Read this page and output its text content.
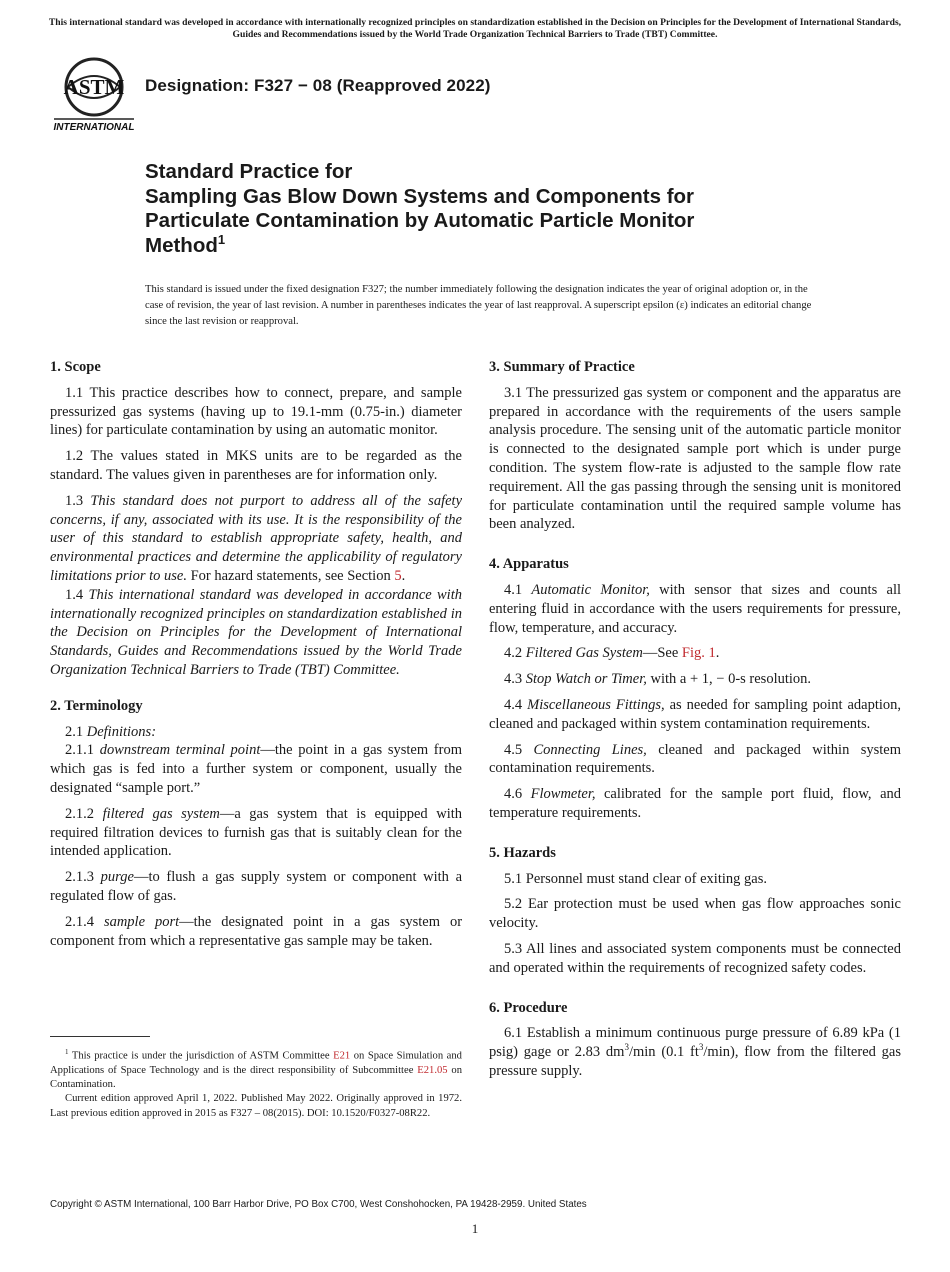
This international standard was developed in accordance with internationally recognized principles on standardization established in the Decision on Principles for the Development of International Standards, Guides and Recommendations issued by the World Trade Organization Technical Barriers to Trade (TBT) Committee.
ASTM
INTERNATIONAL
Designation: F327 − 08 (Reapproved 2022)
Standard Practice for
Sampling Gas Blow Down Systems and Components for
Particulate Contamination by Automatic Particle Monitor
Method$^1$
This standard is issued under the fixed designation F327; the number immediately following the designation indicates the year of original adoption or, in the case of revision, the year of last revision. A number in parentheses indicates the year of last reapproval. A superscript epsilon (ε) indicates an editorial change since the last revision or reapproval.
1. Scope

1.1 This practice describes how to connect, prepare, and sample pressurized gas systems (having up to 19.1-mm (0.75-in.) diameter lines) for particulate contamination by using an automatic monitor.

1.2 The values stated in MKS units are to be regarded as the standard. The values given in parentheses are for information only.

1.3 This standard does not purport to address all of the safety concerns, if any, associated with its use. It is the responsibility of the user of this standard to establish appropriate safety, health, and environmental practices and determine the applicability of regulatory limitations prior to use. For hazard statements, see Section 5.

1.4 This international standard was developed in accordance with internationally recognized principles on standardization established in the Decision on Principles for the Development of International Standards, Guides and Recommendations issued by the World Trade Organization Technical Barriers to Trade (TBT) Committee.

2. Terminology

2.1 Definitions:

2.1.1 downstream terminal point—the point in a gas system from which gas is fed into a further system or component, usually the designated “sample port.”

2.1.2 filtered gas system—a gas system that is equipped with required filtration devices to furnish gas that is suitably clean for the intended application.

2.1.3 purge—to flush a gas supply system or component with a regulated flow of gas.

2.1.4 sample port—the designated point in a gas system or component from which a representative gas sample may be taken.

$^1$ This practice is under the jurisdiction of ASTM Committee E21 on Space Simulation and Applications of Space Technology and is the direct responsibility of Subcommittee E21.05 on Contamination.

Current edition approved April 1, 2022. Published May 2022. Originally approved in 1972. Last previous edition approved in 2015 as F327 – 08(2015). DOI: 10.1520/F0327-08R22.

3. Summary of Practice

3.1 The pressurized gas system or component and the apparatus are prepared in accordance with the requirements of the users sample analysis procedure. The sensing unit of the automatic particle monitor is connected to the designated sample port which is under purge condition. The system flow-rate is adjusted to the sample flow rate requirement. All the gas passing through the sensing unit is monitored for particulate contamination until the required sample volume has been analyzed.

4. Apparatus

4.1 Automatic Monitor, with sensor that sizes and counts all entering fluid in accordance with the users requirements for pressure, flow, temperature, and accuracy.

4.2 Filtered Gas System—See Fig. 1.

4.3 Stop Watch or Timer, with a + 1, − 0-s resolution.

4.4 Miscellaneous Fittings, as needed for sampling point adaption, cleaned and packaged within system contamination requirements.

4.5 Connecting Lines, cleaned and packaged within system contamination requirements.

4.6 Flowmeter, calibrated for the sample port fluid, flow, and temperature requirements.

5. Hazards

5.1 Personnel must stand clear of exiting gas.

5.2 Ear protection must be used when gas flow approaches sonic velocity.

5.3 All lines and associated system components must be connected and operated within the requirements of recognized safety codes.

6. Procedure

6.1 Establish a minimum continuous purge pressure of 6.89 kPa (1 psig) gage or 2.83 $dm^3/\min$ (0.1 $ft^3/\min$), flow from the filtered gas pressure supply.

Copyright © ASTM International, 100 Barr Harbor Drive, PO Box C700, West Conshohocken, PA 19428-2959. United States
1
